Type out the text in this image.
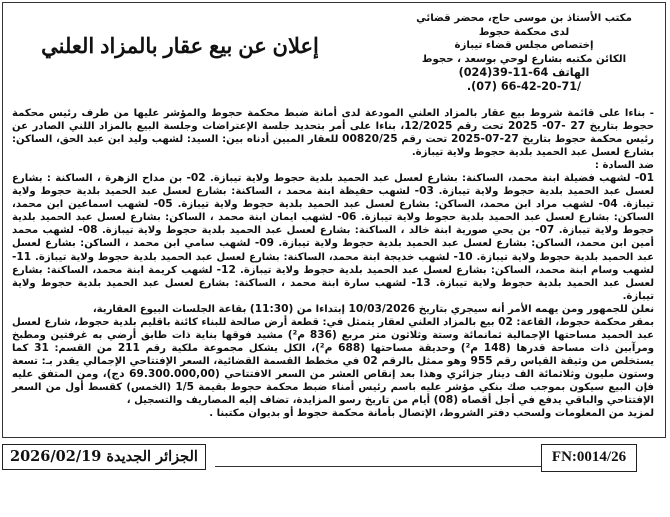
مكتب الأستاذ بن موسى حاج، محضر قضائي
لدى محكمة حجوط
إختصاص مجلس قضاء تيبازة
الكائن مكتبه بشارع لوحي بوسعد ، حجوط
الهاتف 64-11-39(024)
/66-42-20-71 (07).
إعلان عن بيع عقار بالمزاد العلني

- بناءا على قائمة شروط بيع عقار بالمزاد العلني المودعة لدى أمانة ضبط محكمة حجوط والمؤشر عليها من طرف رئيس محكمة حجوط بتاريخ 27 -07- 2025 تحت رقم 12/2025، بناءا على أمر بتحديد جلسة الإعتراضات وجلسة البيع بالمزاد اللني الصادر عن رئيس محكمة حجوط بتاريخ 27-07-2025 تحت رقم 00820/25 للعقار المبين أدناه بين: السيد: لشهب وليد ابن عبد الحق، الساكن: بشارع لعسل عبد الحميد بلدية حجوط ولاية تيبازة.

ضد السادة :

01- لشهب فضيلة ابنة محمد، الساكنة: بشارع لعسل عبد الحميد بلدية حجوط ولاية تيبازة. 02- بن مداح الزهرة ، الساكنة : بشارع لعسل عبد الحميد بلدية حجوط ولاية تيبازة. 03- لشهب حفيظة ابنة محمد ، الساكنة: بشارع لعسل عبد الحميد بلدية حجوط ولاية تيبازة. 04- لشهب مراد ابن محمد، الساكن: بشارع لعسل عبد الحميد بلدية حجوط ولاية تيبازة. 05- لشهب اسماعين ابن محمد، الساكن: بشارع لعسل عبد الحميد بلدية حجوط ولاية تيبازة. 06- لشهب ايمان ابنة محمد ، الساكن: بشارع لعسل عبد الحميد بلدية حجوط ولاية تيبازة. 07- بن يحي صورية ابنة خالد ، الساكنة: بشارع لعسل عبد الحميد بلدية حجوط ولاية تيبازة. 08- لشهب محمد أمين ابن محمد، الساكن: بشارع لعسل عبد الحميد بلدية حجوط ولاية تيبازة. 09- لشهب سامي ابن محمد ، الساكن: بشارع لعسل عبد الحميد بلدية حجوط ولاية تيبازة. 10- لشهب خديجة ابنة محمد، الساكنة: بشارع لعسل عبد الحميد بلدية حجوط ولاية تيبازة. 11- لشهب وسام ابنة محمد، الساكن: بشارع لعسل عبد الحميد بلدية حجوط ولاية تيبازة. 12- لشهب كريمة ابنة محمد، الساكنة: بشارع لعسل عبد الحميد بلدية حجوط ولاية تيبازة. 13- لشهب سارة ابنة محمد ، الساكنة: بشارع لعسل عبد الحميد بلدية حجوط ولاية تيبازة.

نعلن للجمهور ومن يهمه الأمر أنه سيجري بتاريخ 10/03/2026 إبتداءا من (11:30) بقاعة الجلسات البيوع العقارية،

بمقر محكمة حجوط، القاعة: 02 بيع بالمزاد العلني لعقار يتمثل في: قطعة أرض صالحة للبناء كائنة باقليم بلدية حجوط، شارع لعسل عبد الحميد مساحتها الإجمالية ثمانمائة وستة وثلاثون متر مربع (836 م²) مشيد فوقها بناية ذات طابق أرضي به غرفتين ومطبخ ومرآبين ذات مساحة قدرها (148 م²) وحديقة مساحتها (688 م²)، الكل يشكل مجموعة ملكية رقم 211 من القسم: 31 كما يستخلص من وثيقة القياس رقم 955 وهو ممثل بالرقم 02 في مخطط القسمة القضائية، السعر الإفتتاحي الإجمالي يقدر بـ: تسعة وستون مليون وثلاثمائة الف دينار جزائري وهذا بعد إنقاص العشر من السعر الافتتاحي (69.300.000,00 دج)، ومن المتفق عليه فإن البيع سيكون بموجب صك بنكي مؤشر عليه باسم رئيس أمناء ضبط محكمة حجوط بقيمة 1/5 (الخمس) كقسط أول من السعر الإفتتاحي والباقي يدفع في أجل أقصاه (08) أيام من تاريخ رسو المزايدة، تضاف إليه المصاريف والتسجيل ،

لمزيد من المعلومات ولسحب دفتر الشروط، الإتصال بأمانة محكمة حجوط أو بديوان مكتبنا .

الجزائر الجديدة 2026/02/19	FN:0014/26
